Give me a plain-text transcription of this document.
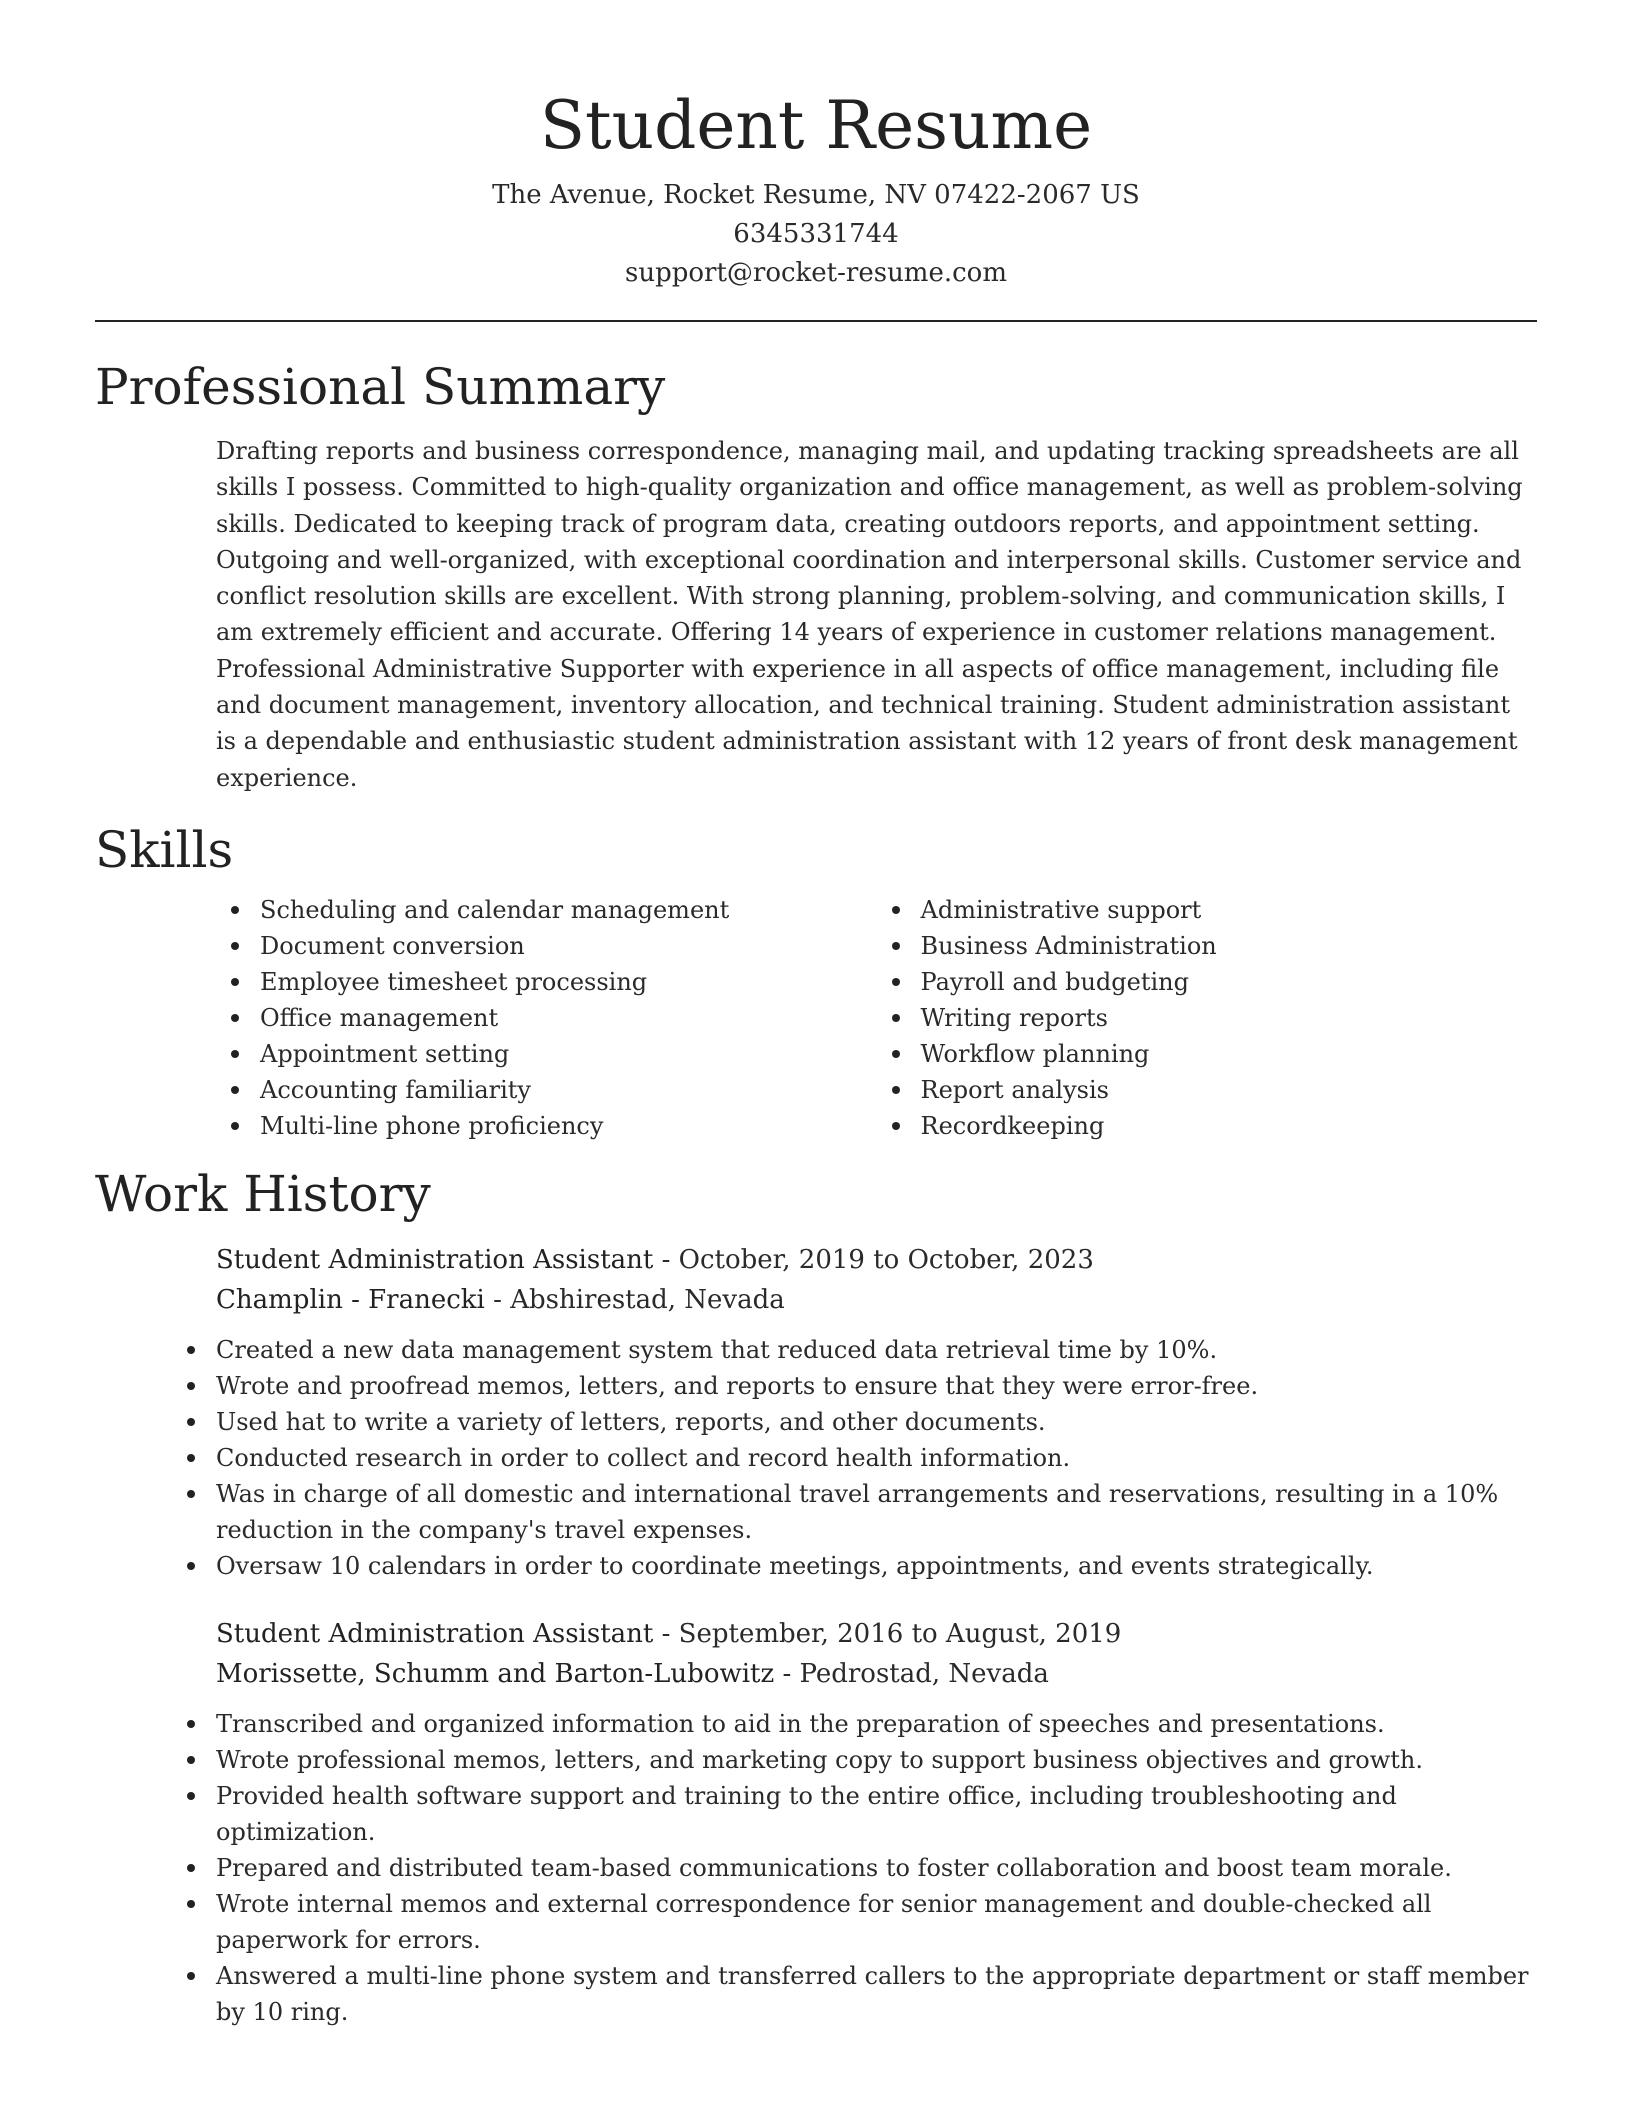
Student Resume
The Avenue, Rocket Resume, NV 07422-2067 US
6345331744
support@rocket-resume.com
Professional Summary

Drafting reports and business correspondence, managing mail, and updating tracking spreadsheets are all skills I possess. Committed to high-quality organization and office management, as well as problem-solving skills. Dedicated to keeping track of program data, creating outdoors reports, and appointment setting. Outgoing and well-organized, with exceptional coordination and interpersonal skills. Customer service and conflict resolution skills are excellent. With strong planning, problem-solving, and communication skills, I am extremely efficient and accurate. Offering 14 years of experience in customer relations management. Professional Administrative Supporter with experience in all aspects of office management, including file and document management, inventory allocation, and technical training. Student administration assistant is a dependable and enthusiastic student administration assistant with 12 years of front desk management experience.

Skills
Scheduling and calendar management
Document conversion
Employee timesheet processing
Office management
Appointment setting
Accounting familiarity
Multi-line phone proficiency
Administrative support
Business Administration
Payroll and budgeting
Writing reports
Workflow planning
Report analysis
Recordkeeping
Work History
Student Administration Assistant - October, 2019 to October, 2023
Champlin - Franecki - Abshirestad, Nevada
Created a new data management system that reduced data retrieval time by 10%.
Wrote and proofread memos, letters, and reports to ensure that they were error-free.
Used hat to write a variety of letters, reports, and other documents.
Conducted research in order to collect and record health information.
Was in charge of all domestic and international travel arrangements and reservations, resulting in a 10% reduction in the company's travel expenses.
Oversaw 10 calendars in order to coordinate meetings, appointments, and events strategically.
Student Administration Assistant - September, 2016 to August, 2019
Morissette, Schumm and Barton-Lubowitz - Pedrostad, Nevada
Transcribed and organized information to aid in the preparation of speeches and presentations.
Wrote professional memos, letters, and marketing copy to support business objectives and growth.
Provided health software support and training to the entire office, including troubleshooting and optimization.
Prepared and distributed team-based communications to foster collaboration and boost team morale.
Wrote internal memos and external correspondence for senior management and double-checked all paperwork for errors.
Answered a multi-line phone system and transferred callers to the appropriate department or staff member by 10 ring.
